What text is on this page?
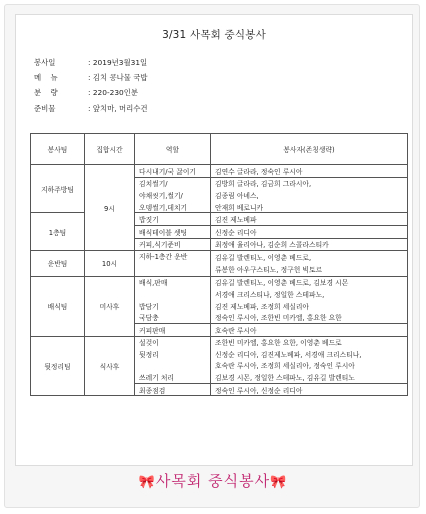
3/31 사목회 중식봉사
봉사일	: 2019년3월31일
메    뉴	: 김치 콩나물 국밥
분    량	: 220-230인분
준비물	: 앞치마, 머리수건
봉사팀	집합시간	역할	봉사자(존칭생략)
지하주방팀	9시	다시내기/국 끓이기	김연수 글라라, 정숙인 루시아
		김치썰기/	김방희 글라라, 김금희 그라시아,
		야채씻기,썰기/	김종림 아녜스,
		오뎅썰기,데치기	안재희 베로니카
1층팀		밥짓기	김진 제노베파
		배식테이블 셋팅	신정순 리디아
		커피,식기준비	최정애 율리아나, 김순희 스콜라스티카
운반팀	10시	지하-1층간 운반	김유길 발렌티노, 이영춘 베드로,
			류봉한 아우구스티노, 정구헌 빅토르
배식팀	미사후	배식,판매	김유길 발렌티노, 이영춘 베드로, 김보경 시몬
			서경애 크리스티나, 정일한 스테파노,
		밥담기	김진 제노베파, 조정희 세실리아
		국담충	정숙인 루시아, 조한빈 미카엘, 홍요한 요한
		커피판매	호숙란 루시아
뒷정리팀	식사후	설겆이	조한빈 미카엘, 홍요한 요한, 이영춘 베드로
		뒷정리	신정순 리디아, 김진제노베파, 서경애 크리스티나,
			호숙란 루시아, 조정희 세실리아, 정숙인 루시아
		쓰레기 처리	김보경 시몬, 정일한 스테파노, 김유길 발렌티노
		최종점검	정숙인 루시아, 신정순 리디아
🎀사목회 중식봉사🎀
